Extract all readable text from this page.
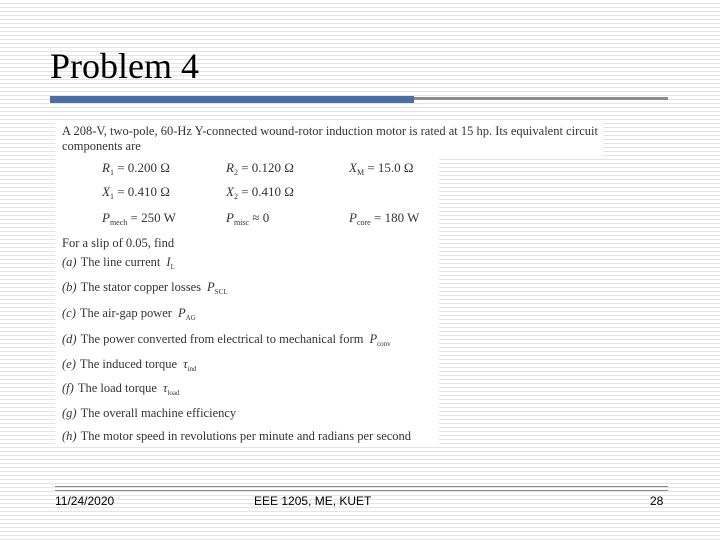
Problem 4
A 208-V, two-pole, 60-Hz Y-connected wound-rotor induction motor is rated at 15 hp. Its equivalent circuit components are
$R_1 = 0.200$ Ω	$R_2 = 0.120$ Ω	$X_M = 15.0$ Ω
$X_1 = 0.410$ Ω	$X_2 = 0.410$ Ω
$P_{mech} = 250$ W	$P_{misc} \approx 0$	$P_{core} = 180$ W
For a slip of 0.05, find
(a) The line current $I_L$
(b) The stator copper losses $P_{SCL}$
(c) The air-gap power $P_{AG}$
(d) The power converted from electrical to mechanical form $P_{conv}$
(e) The induced torque $\tau_{ind}$
(f) The load torque $\tau_{load}$
(g) The overall machine efficiency
(h) The motor speed in revolutions per minute and radians per second
11/24/2020	EEE 1205, ME, KUET	28
